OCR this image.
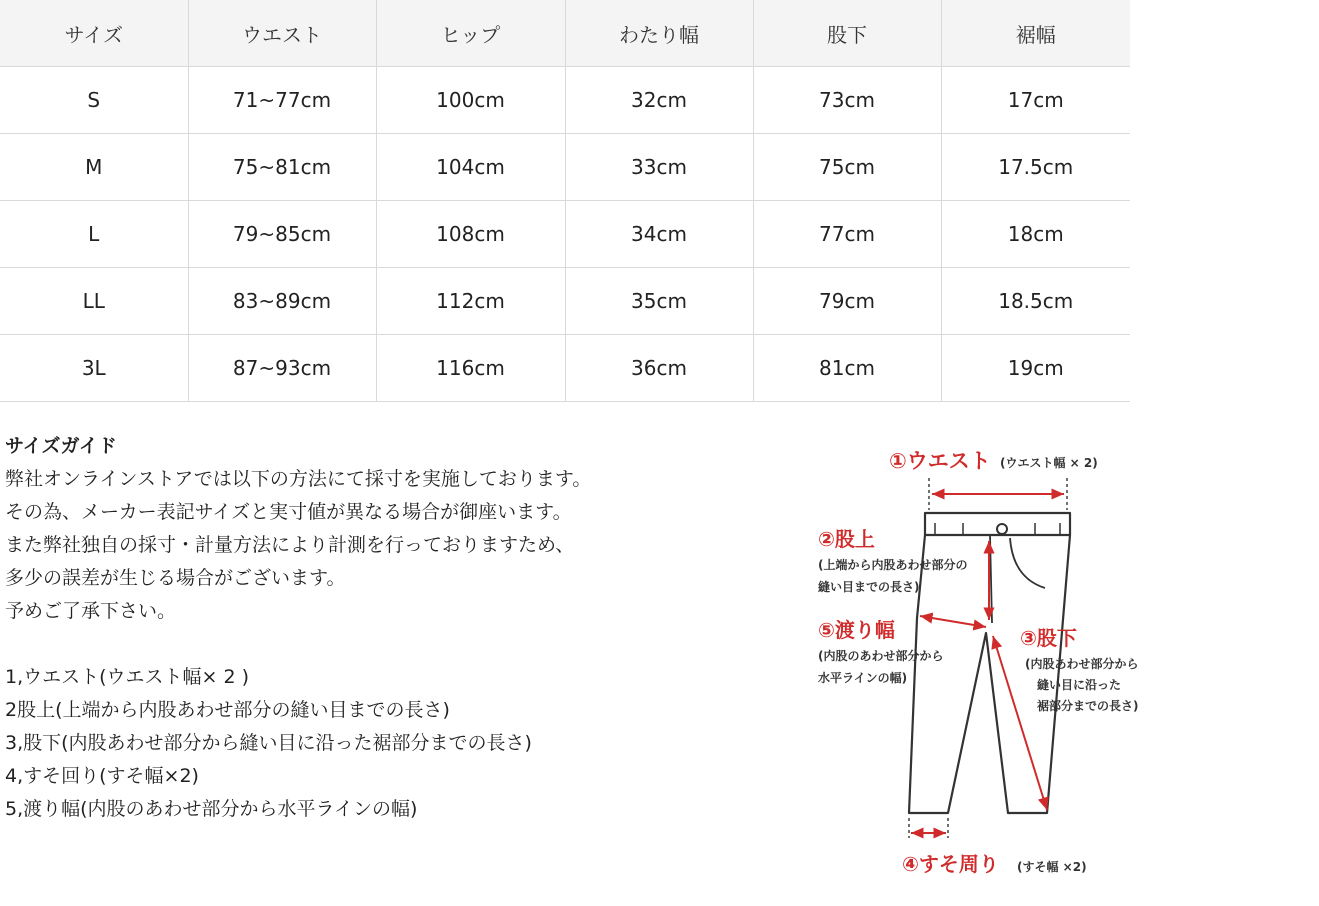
サイズ	ウエスト	ヒップ	わたり幅	股下	裾幅
S	71~77cm	100cm	32cm	73cm	17cm
M	75~81cm	104cm	33cm	75cm	17.5cm
L	79~85cm	108cm	34cm	77cm	18cm
LL	83~89cm	112cm	35cm	79cm	18.5cm
3L	87~93cm	116cm	36cm	81cm	19cm
サイズガイド
弊社オンラインストアでは以下の方法にて採寸を実施しております。
その為、メーカー表記サイズと実寸値が異なる場合が御座います。
また弊社独自の採寸・計量方法により計測を行っておりますため、
多少の誤差が生じる場合がございます。
予めご了承下さい。
1,ウエスト(ウエスト幅× 2 )
2股上(上端から内股あわせ部分の縫い目までの長さ)
3,股下(内股あわせ部分から縫い目に沿った裾部分までの長さ)
4,すそ回り(すそ幅×2)
5,渡り幅(内股のあわせ部分から水平ラインの幅)
①ウエスト (ウエスト幅 × 2)
②股上
(上端から内股あわせ部分の
縫い目までの長さ)
⑤渡り幅
(内股のあわせ部分から
水平ラインの幅)
③股下
(内股あわせ部分から
縫い目に沿った
裾部分までの長さ)
④すそ周り (すそ幅 ×2)
